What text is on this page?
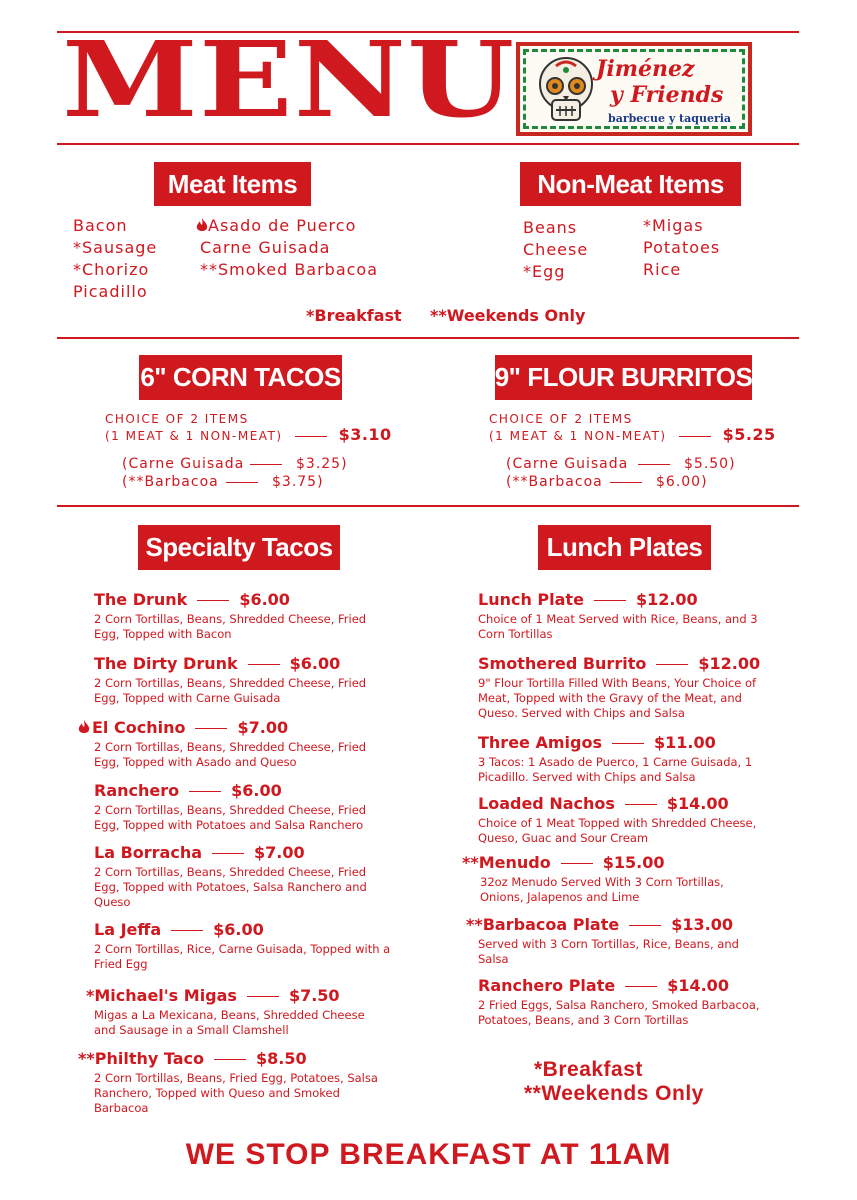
MENU	Jiménez
y Friends
barbecue y taqueria
Meat Items	Non-Meat Items
Bacon
*Sausage
*Chorizo
Picadillo
Asado de Puerco
Carne Guisada
**Smoked Barbacoa
Beans
Cheese
*Egg
*Migas
Potatoes
Rice
*Breakfast **Weekends Only
6" CORN TACOS	9" FLOUR BURRITOS
CHOICE OF 2 ITEMS
(1 MEAT & 1 NON-MEAT)	$3.10
(Carne Guisada	$3.25)
(**Barbacoa	$3.75)
CHOICE OF 2 ITEMS
(1 MEAT & 1 NON-MEAT)	$5.25
(Carne Guisada	$5.50)
(**Barbacoa	$6.00)
Specialty Tacos	Lunch Plates
The Drunk	$6.00
2 Corn Tortillas, Beans, Shredded Cheese, Fried Egg, Topped with Bacon
The Dirty Drunk	$6.00
2 Corn Tortillas, Beans, Shredded Cheese, Fried Egg, Topped with Carne Guisada
El Cochino	$7.00
2 Corn Tortillas, Beans, Shredded Cheese, Fried Egg, Topped with Asado and Queso
Ranchero	$6.00
2 Corn Tortillas, Beans, Shredded Cheese, Fried Egg, Topped with Potatoes and Salsa Ranchero
La Borracha	$7.00
2 Corn Tortillas, Beans, Shredded Cheese, Fried Egg, Topped with Potatoes, Salsa Ranchero and Queso
La Jeffa	$6.00
2 Corn Tortillas, Rice, Carne Guisada, Topped with a Fried Egg
*Michael's Migas	$7.50
Migas a La Mexicana, Beans, Shredded Cheese and Sausage in a Small Clamshell
**Philthy Taco	$8.50
2 Corn Tortillas, Beans, Fried Egg, Potatoes, Salsa Ranchero, Topped with Queso and Smoked Barbacoa
Lunch Plate	$12.00
Choice of 1 Meat Served with Rice, Beans, and 3 Corn Tortillas
Smothered Burrito	$12.00
9" Flour Tortilla Filled With Beans, Your Choice of Meat, Topped with the Gravy of the Meat, and Queso. Served with Chips and Salsa
Three Amigos	$11.00
3 Tacos: 1 Asado de Puerco, 1 Carne Guisada, 1 Picadillo. Served with Chips and Salsa
Loaded Nachos	$14.00
Choice of 1 Meat Topped with Shredded Cheese, Queso, Guac and Sour Cream
**Menudo	$15.00
32oz Menudo Served With 3 Corn Tortillas, Onions, Jalapenos and Lime
**Barbacoa Plate	$13.00
Served with 3 Corn Tortillas, Rice, Beans, and Salsa
Ranchero Plate	$14.00
2 Fried Eggs, Salsa Ranchero, Smoked Barbacoa, Potatoes, Beans, and 3 Corn Tortillas
*Breakfast
**Weekends Only
WE STOP BREAKFAST AT 11AM
